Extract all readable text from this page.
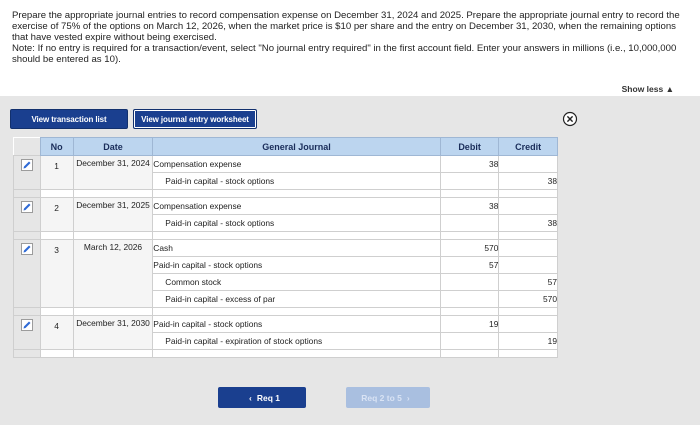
Prepare the appropriate journal entries to record compensation expense on December 31, 2024 and 2025. Prepare the appropriate journal entry to record the exercise of 75% of the options on March 12, 2026, when the market price is $10 per share and the entry on December 31, 2030, when the remaining options that have vested expire without being exercised.

Note: If no entry is required for a transaction/event, select "No journal entry required" in the first account field. Enter your answers in millions (i.e., 10,000,000 should be entered as 10).

Show less ▲
View transaction list	View journal entry worksheet
	No	Date	General Journal	Debit	Credit

	1	December 31, 2024	Compensation expense	38	
			Paid-in capital - stock options		38

	2	December 31, 2025	Compensation expense	38	
			Paid-in capital - stock options		38

	3	March 12, 2026	Cash	570	
			Paid-in capital - stock options	57	
			Common stock		57
			Paid-in capital - excess of par		570

	4	December 31, 2030	Paid-in capital - stock options	19	
			Paid-in capital - expiration of stock options		19

‹ Req 1	Req 2 to 5 ›
